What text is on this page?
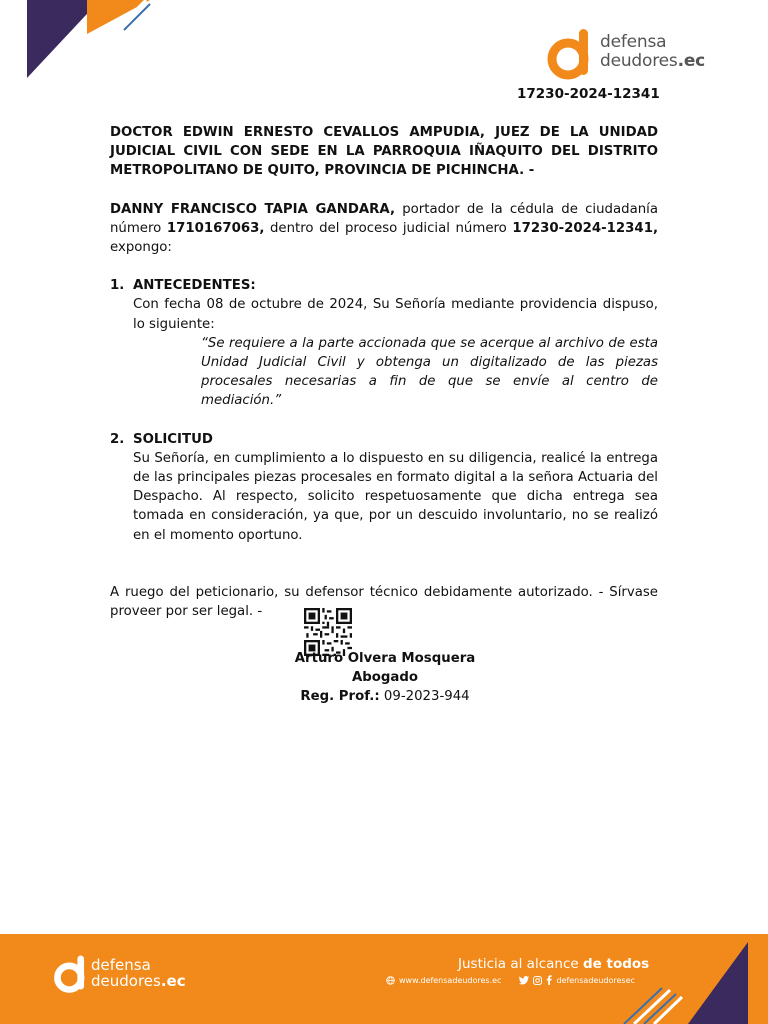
defensa
deudores.ec
17230-2024-12341

DOCTOR EDWIN ERNESTO CEVALLOS AMPUDIA, JUEZ DE LA UNIDAD JUDICIAL CIVIL CON SEDE EN LA PARROQUIA IÑAQUITO DEL DISTRITO METROPOLITANO DE QUITO, PROVINCIA DE PICHINCHA. -

DANNY FRANCISCO TAPIA GANDARA, portador de la cédula de ciudadanía número 1710167063, dentro del proceso judicial número 17230-2024-12341, expongo:

1. ANTECEDENTES:
Con fecha 08 de octubre de 2024, Su Señoría mediante providencia dispuso, lo siguiente:
“Se requiere a la parte accionada que se acerque al archivo de esta Unidad Judicial Civil y obtenga un digitalizado de las piezas procesales necesarias a fin de que se envíe al centro de mediación.”
2. SOLICITUD
Su Señoría, en cumplimiento a lo dispuesto en su diligencia, realicé la entrega de las principales piezas procesales en formato digital a la señora Actuaria del Despacho. Al respecto, solicito respetuosamente que dicha entrega sea tomada en consideración, ya que, por un descuido involuntario, no se realizó en el momento oportuno.

A ruego del peticionario, su defensor técnico debidamente autorizado. - Sírvase proveer por ser legal. -

Arturo Olvera Mosquera
Abogado
Reg. Prof.: 09-2023-944
defensa
deudores.ec
Justicia al alcance de todos
www.defensadeudores.ec	defensadeudoresec
